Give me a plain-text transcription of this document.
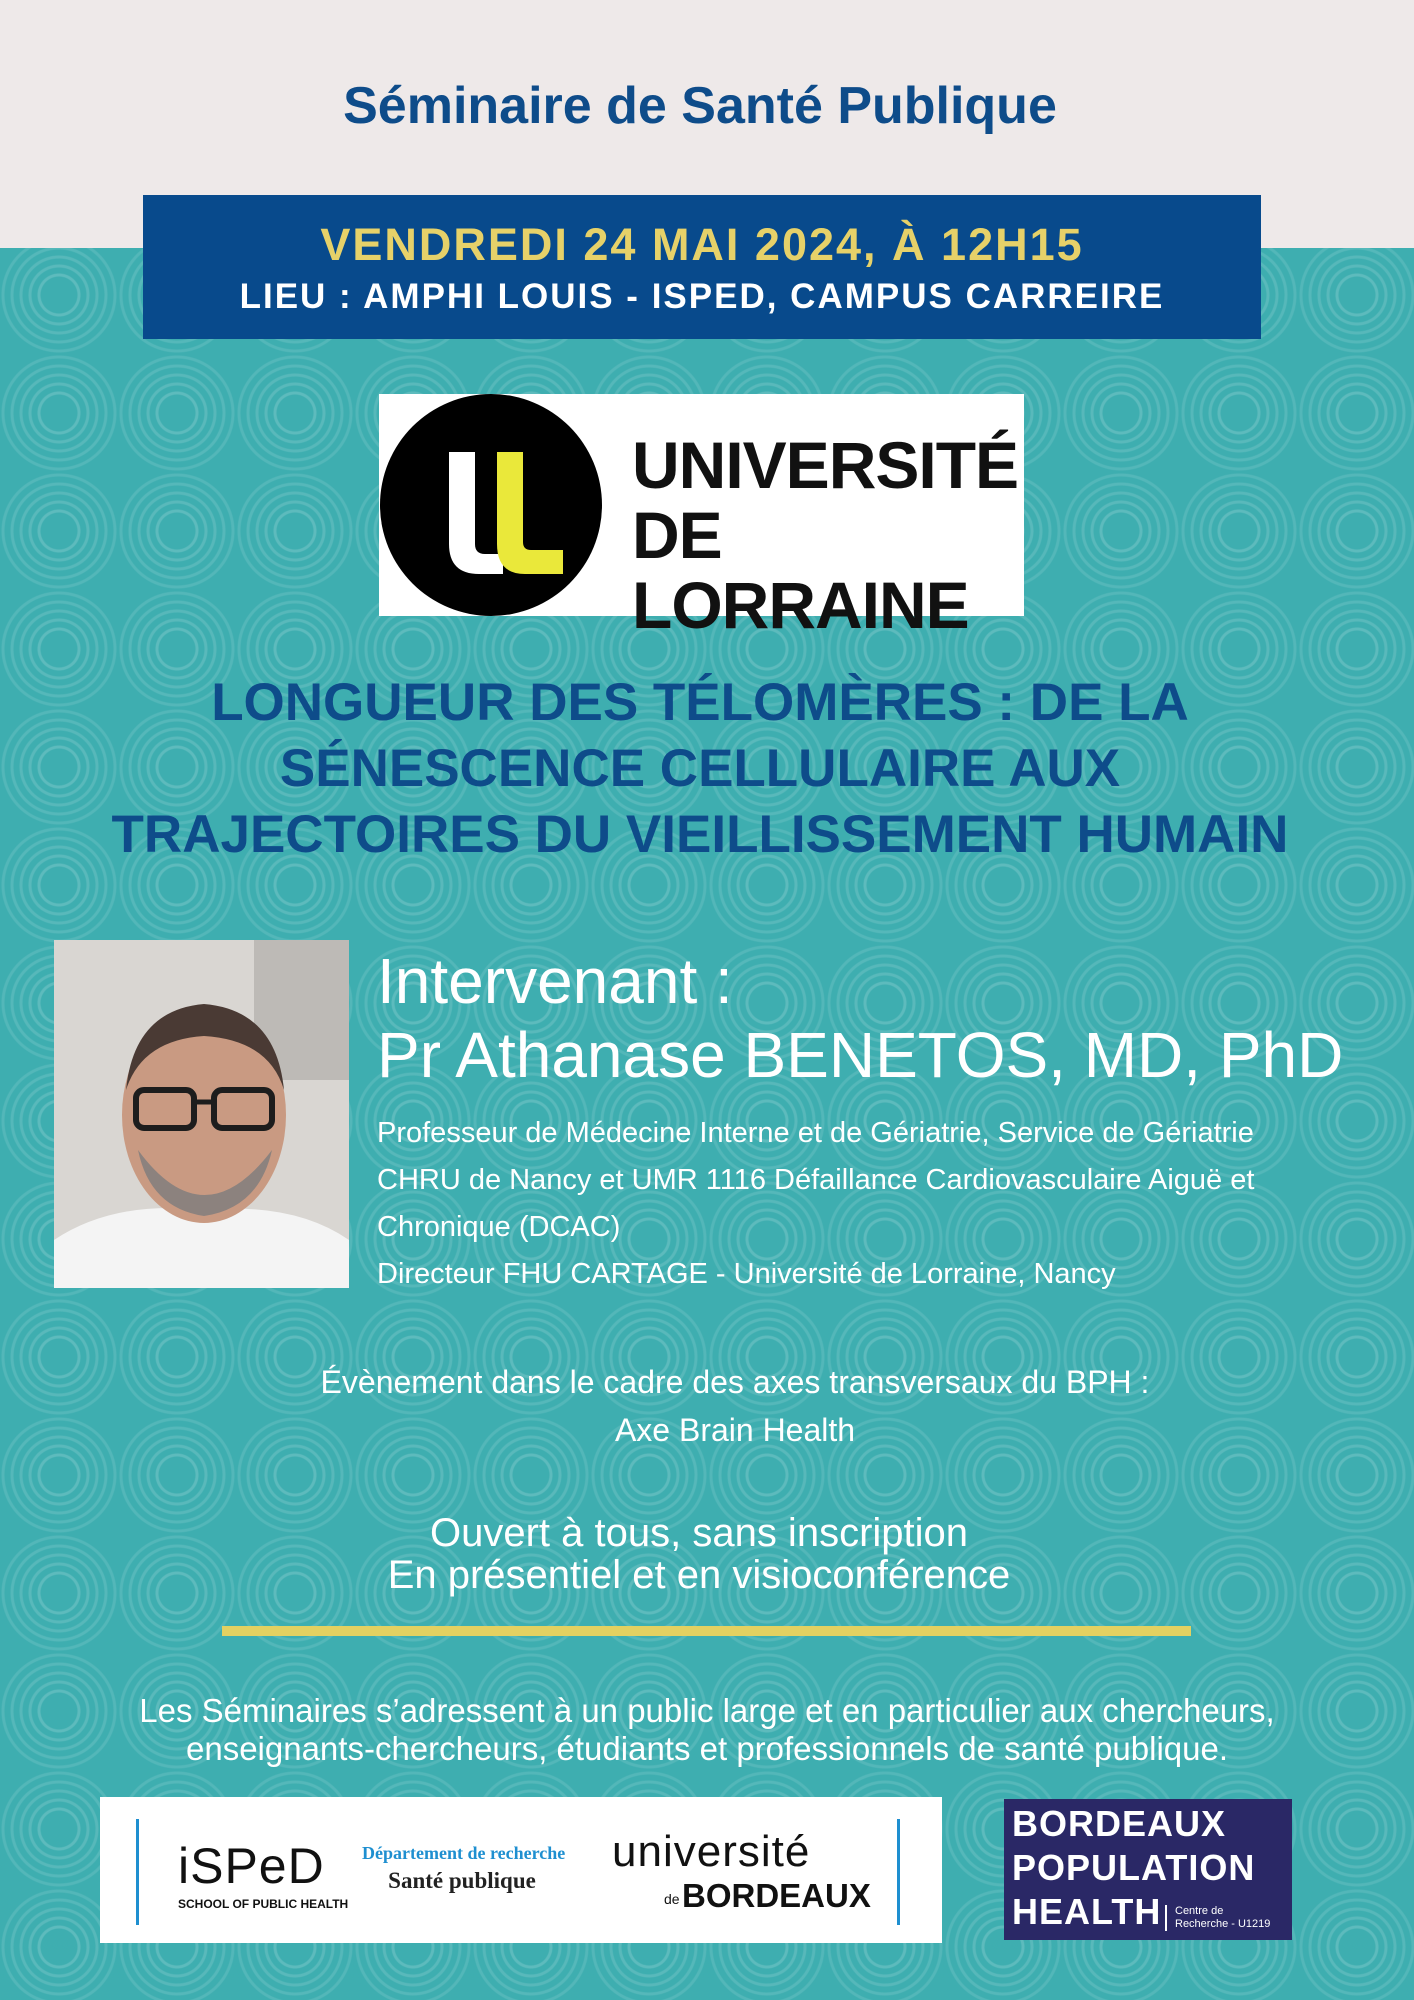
Séminaire de Santé Publique
VENDREDI 24 MAI 2024, À 12H15
LIEU : AMPHI LOUIS - ISPED, CAMPUS CARREIRE
UNIVERSITÉ
DE LORRAINE
LONGUEUR DES TÉLOMÈRES : DE LA
SÉNESCENCE CELLULAIRE AUX
TRAJECTOIRES DU VIEILLISSEMENT HUMAIN
Intervenant :
Pr Athanase BENETOS, MD, PhD
Professeur de Médecine Interne et de Gériatrie, Service de Gériatrie
CHRU de Nancy et UMR 1116 Défaillance Cardiovasculaire Aiguë et
Chronique (DCAC)
Directeur FHU CARTAGE - Université de Lorraine, Nancy
Évènement dans le cadre des axes transversaux du BPH :
Axe Brain Health
Ouvert à tous, sans inscription
En présentiel et en visioconférence
Les Séminaires s’adressent à un public large et en particulier aux chercheurs,
enseignants-chercheurs, étudiants et professionnels de santé publique.
iSPeD
SCHOOL OF PUBLIC HEALTH
Département de recherche
Santé publique
université
de BORDEAUX
BORDEAUX
POPULATION
HEALTH Centre de
Recherche - U1219
